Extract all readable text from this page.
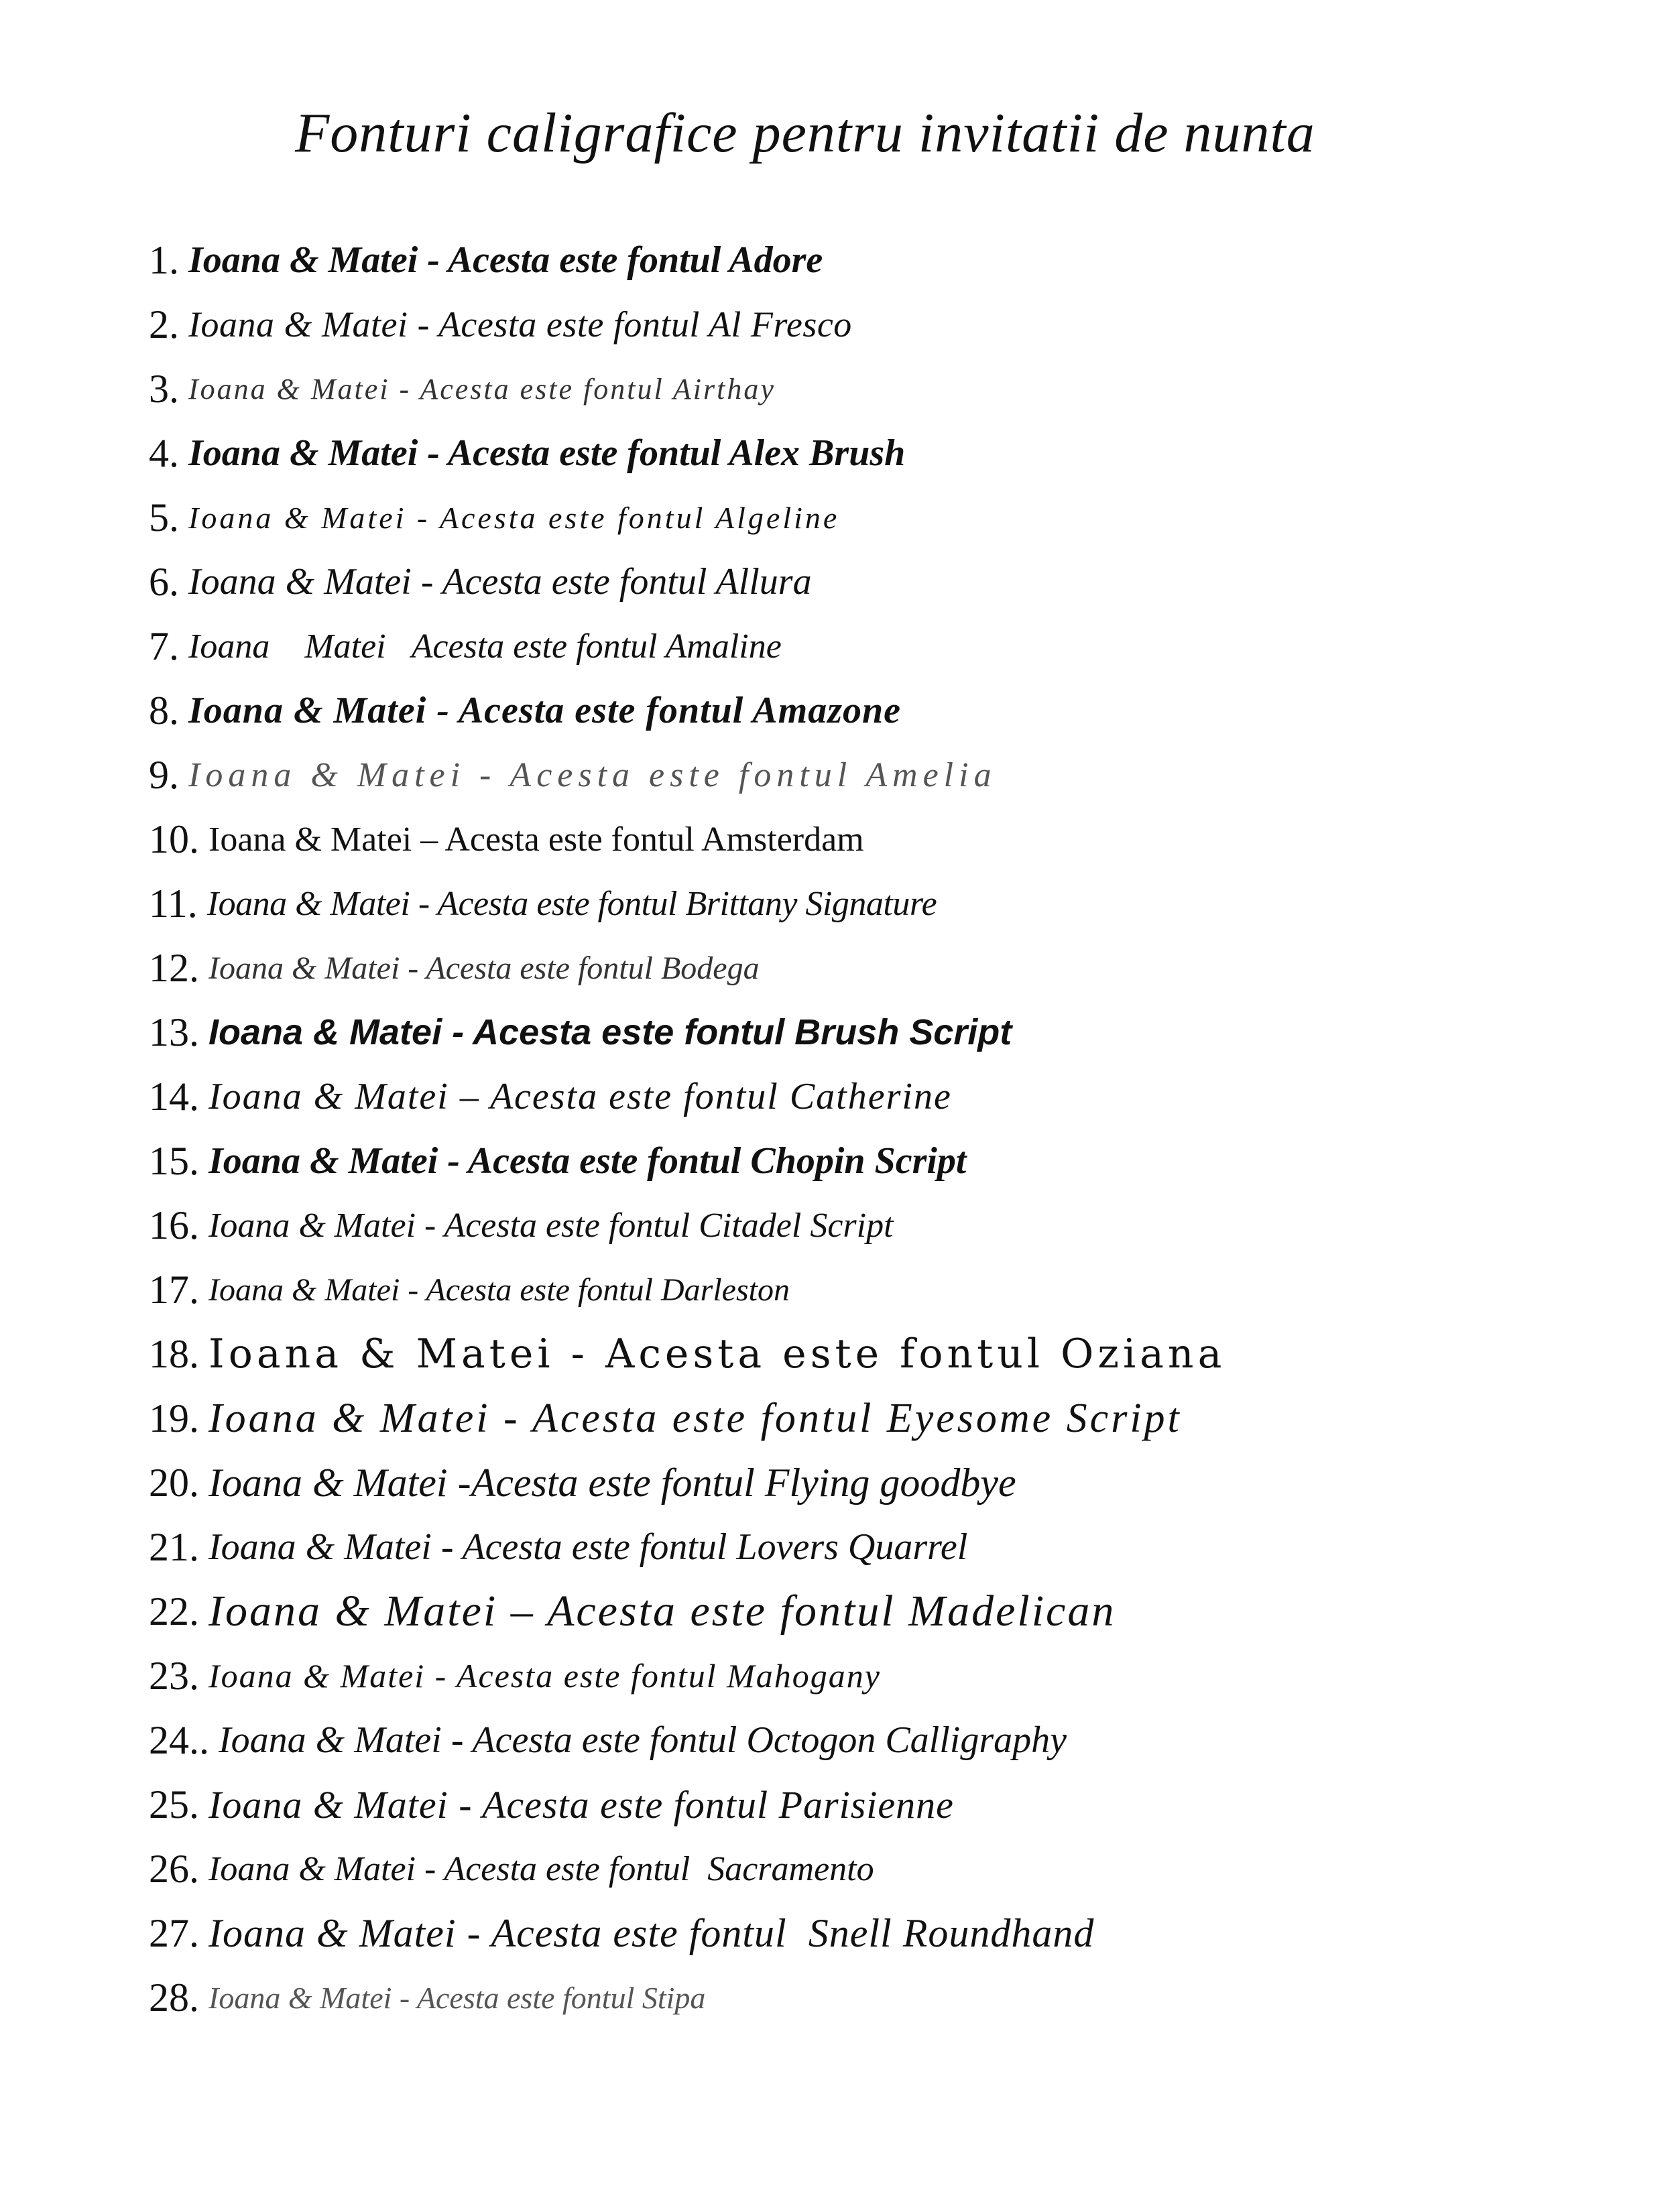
Fonturi caligrafice pentru invitatii de nunta
1. Ioana & Matei - Acesta este fontul Adore
2. Ioana & Matei - Acesta este fontul Al Fresco
3. Ioana & Matei - Acesta este fontul Airthay
4. Ioana & Matei - Acesta este fontul Alex Brush
5. Ioana & Matei - Acesta este fontul Algeline
6. Ioana & Matei - Acesta este fontul Allura
7. Ioana    Matei   Acesta este fontul Amaline
8. Ioana & Matei - Acesta este fontul Amazone
9. Ioana & Matei - Acesta este fontul Amelia
10. Ioana & Matei – Acesta este fontul Amsterdam
11. Ioana & Matei - Acesta este fontul Brittany Signature
12. Ioana & Matei - Acesta este fontul Bodega
13. Ioana & Matei - Acesta este fontul Brush Script
14. Ioana & Matei – Acesta este fontul Catherine
15. Ioana & Matei - Acesta este fontul Chopin Script
16. Ioana & Matei - Acesta este fontul Citadel Script
17. Ioana & Matei - Acesta este fontul Darleston
18. Ioana & Matei - Acesta este fontul Oziana
19. Ioana & Matei - Acesta este fontul Eyesome Script
20. Ioana & Matei -Acesta este fontul Flying goodbye
21. Ioana & Matei - Acesta este fontul Lovers Quarrel
22. Ioana & Matei – Acesta este fontul Madelican
23. Ioana & Matei - Acesta este fontul Mahogany
24.. Ioana & Matei - Acesta este fontul Octogon Calligraphy
25. Ioana & Matei - Acesta este fontul Parisienne
26. Ioana & Matei - Acesta este fontul  Sacramento
27. Ioana & Matei - Acesta este fontul  Snell Roundhand
28. Ioana & Matei - Acesta este fontul Stipa
